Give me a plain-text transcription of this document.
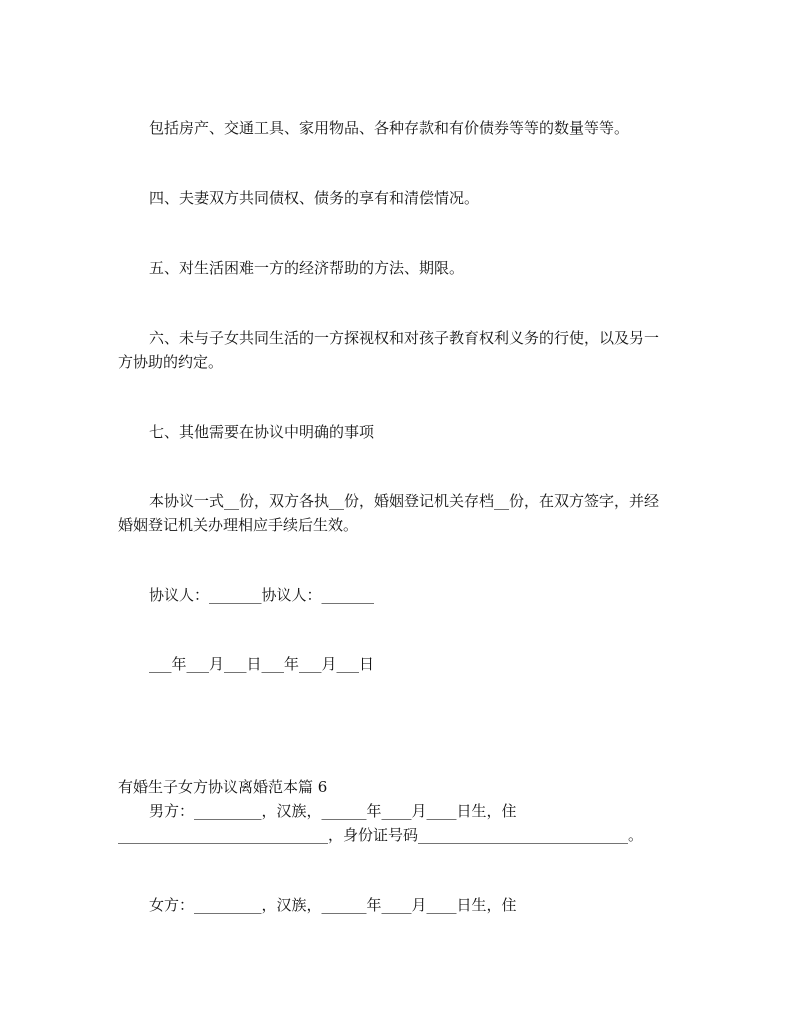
包括房产、交通工具、家用物品、各种存款和有价债券等等的数量等等。

四、夫妻双方共同债权、债务的享有和清偿情况。

五、对生活困难一方的经济帮助的方法、期限。

六、未与子女共同生活的一方探视权和对孩子教育权利义务的行使，以及另一方协助的约定。

七、其他需要在协议中明确的事项

本协议一式__份，双方各执__份，婚姻登记机关存档__份，在双方签字，并经婚姻登记机关办理相应手续后生效。

协议人：_______协议人：_______

___年___月___日___年___月___日

有婚生子女方协议离婚范本篇 6

男方：_________，汉族，______年____月____日生，住____________________________，身份证号码____________________________。

女方：_________，汉族，______年____月____日生，住
